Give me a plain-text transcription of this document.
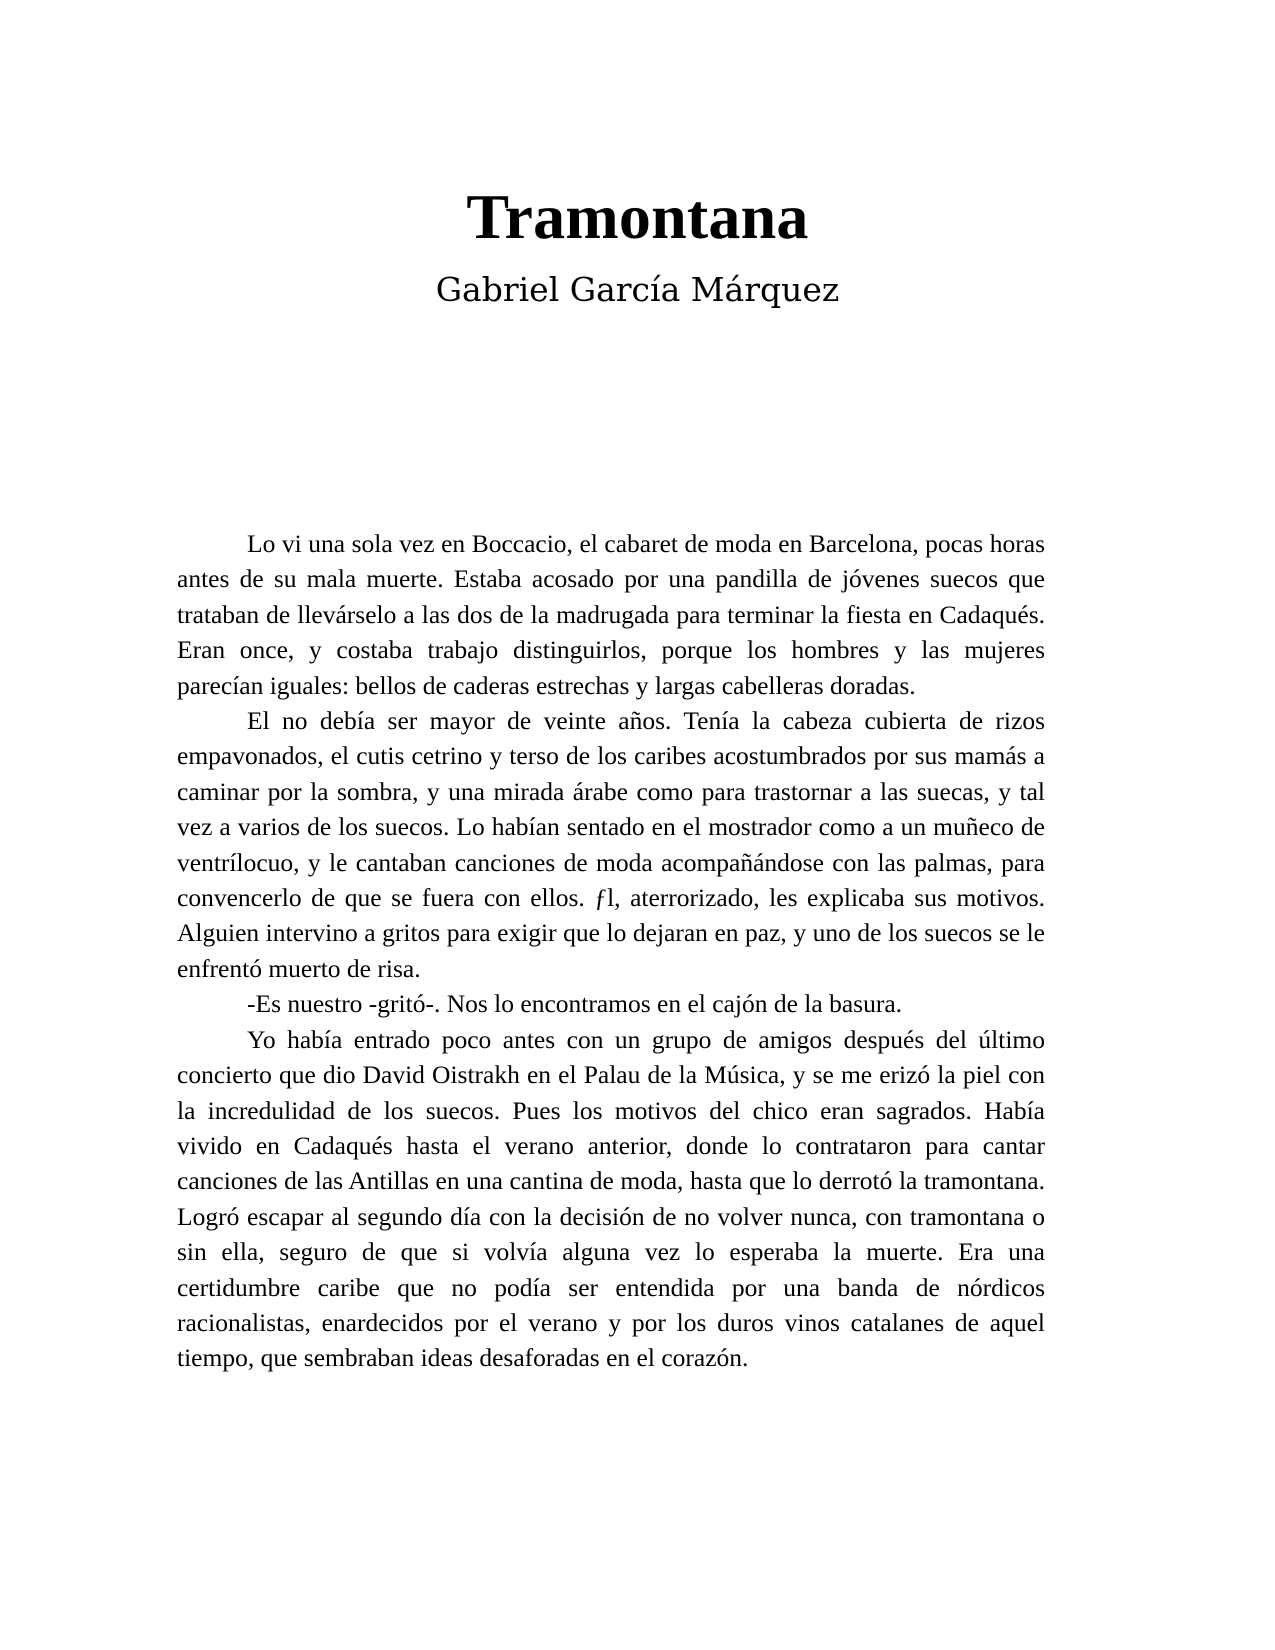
Tramontana
Gabriel García Márquez

Lo vi una sola vez en Boccacio, el cabaret de moda en Barcelona, pocas horas antes de su mala muerte. Estaba acosado por una pandilla de jóvenes suecos que trataban de llevárselo a las dos de la madrugada para terminar la fiesta en Cadaqués. Eran once, y costaba trabajo distinguirlos, porque los hombres y las mujeres parecían iguales: bellos de caderas estrechas y largas cabelleras doradas.

El no debía ser mayor de veinte años. Tenía la cabeza cubierta de rizos empavonados, el cutis cetrino y terso de los caribes acostumbrados por sus mamás a caminar por la sombra, y una mirada árabe como para trastornar a las suecas, y tal vez a varios de los suecos. Lo habían sentado en el mostrador como a un muñeco de ventrílocuo, y le cantaban canciones de moda acompañándose con las palmas, para convencerlo de que se fuera con ellos. ƒl, aterrorizado, les explicaba sus motivos. Alguien intervino a gritos para exigir que lo dejaran en paz, y uno de los suecos se le enfrentó muerto de risa.

-Es nuestro -gritó-. Nos lo encontramos en el cajón de la basura.

Yo había entrado poco antes con un grupo de amigos después del último concierto que dio David Oistrakh en el Palau de la Música, y se me erizó la piel con la incredulidad de los suecos. Pues los motivos del chico eran sagrados. Había vivido en Cadaqués hasta el verano anterior, donde lo contrataron para cantar canciones de las Antillas en una cantina de moda, hasta que lo derrotó la tramontana. Logró escapar al segundo día con la decisión de no volver nunca, con tramontana o sin ella, seguro de que si volvía alguna vez lo esperaba la muerte. Era una certidumbre caribe que no podía ser entendida por una banda de nórdicos racionalistas, enardecidos por el verano y por los duros vinos catalanes de aquel tiempo, que sembraban ideas desaforadas en el corazón.
